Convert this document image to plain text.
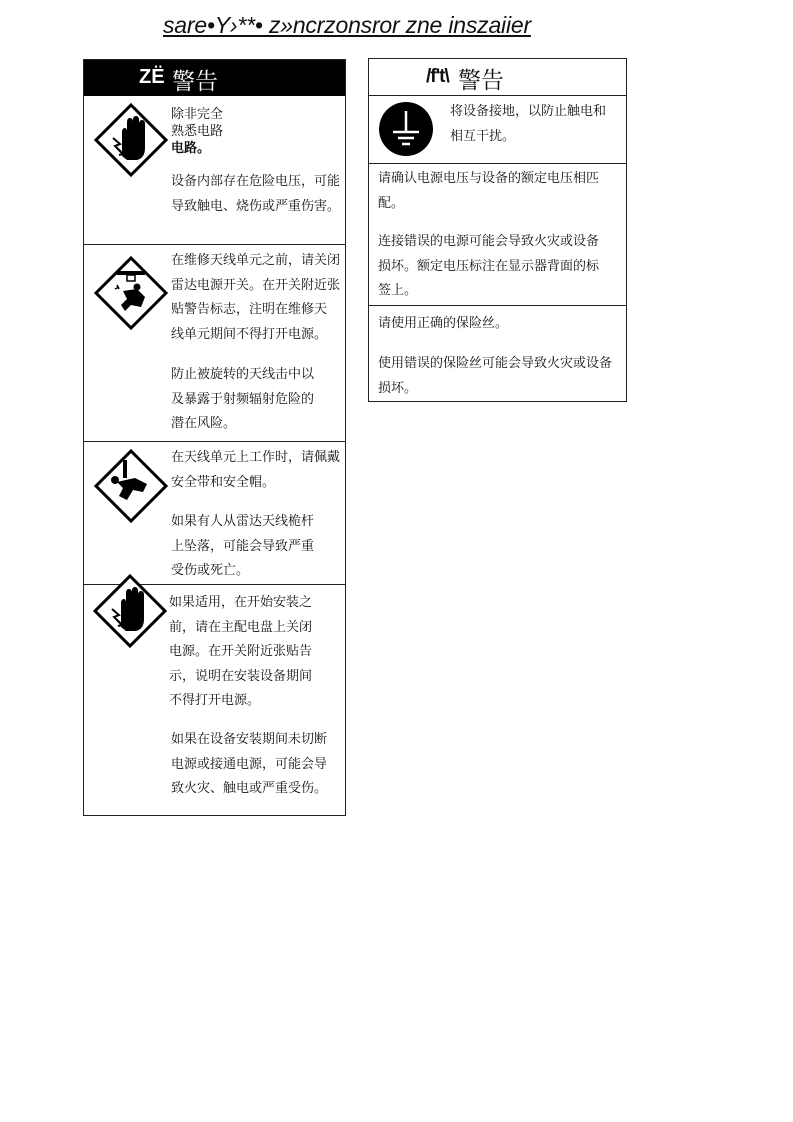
sare•Υ›**• z»ncrzonsror zne inszaiier
ZË 警告

除非完全
熟悉电路
电路。

设备内部存在危险电压，可能
导致触电、烧伤或严重伤害。

在维修天线单元之前，请关闭
雷达电源开关。在开关附近张
贴警告标志，注明在维修天
线单元期间不得打开电源。

防止被旋转的天线击中以
及暴露于射频辐射危险的
潜在风险。

在天线单元上工作时，请佩戴
安全带和安全帽。

如果有人从雷达天线桅杆
上坠落，可能会导致严重
受伤或死亡。

如果适用，在开始安装之
前，请在主配电盘上关闭
电源。在开关附近张贴告
示，说明在安装设备期间
不得打开电源。

如果在设备安装期间未切断
电源或接通电源，可能会导
致火灾、触电或严重受伤。

/f't\ 警告

将设备接地，以防止触电和
相互干扰。

请确认电源电压与设备的额定电压相匹
配。

连接错误的电源可能会导致火灾或设备
损坏。额定电压标注在显示器背面的标
签上。

请使用正确的保险丝。

使用错误的保险丝可能会导致火灾或设备
损坏。
